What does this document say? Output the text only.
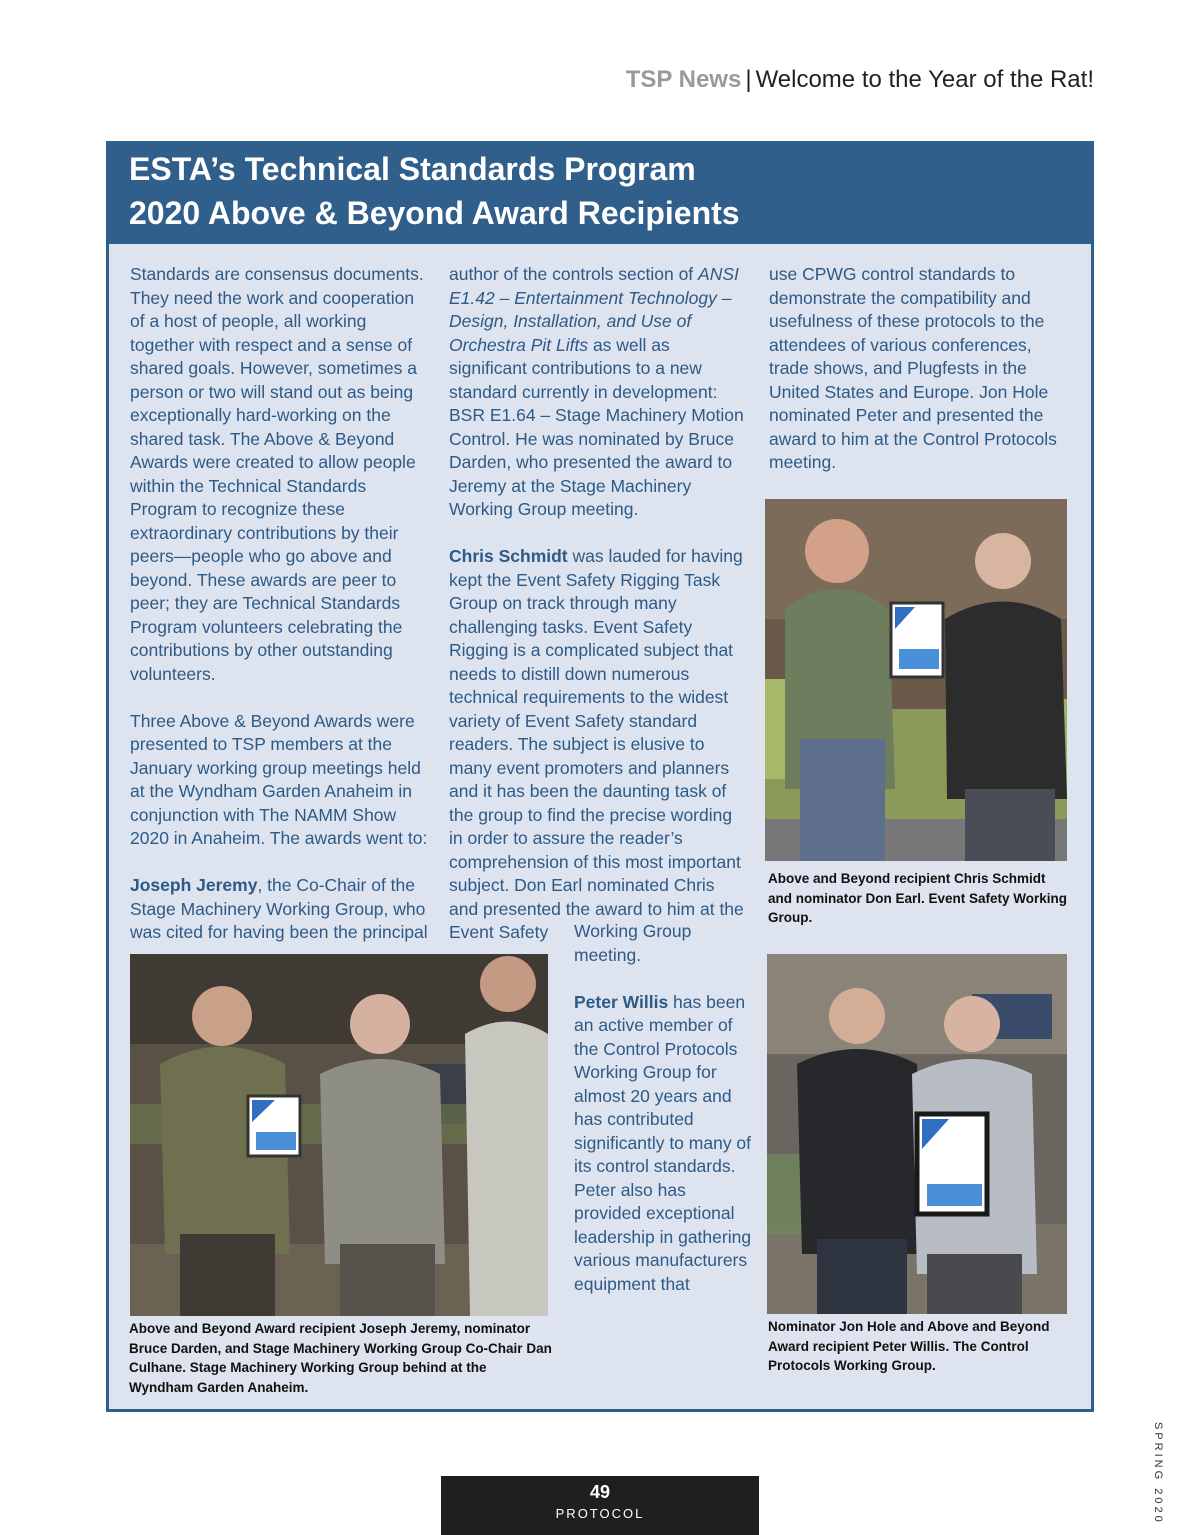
TSP News | Welcome to the Year of the Rat!
ESTA’s Technical Standards Program
2020 Above & Beyond Award Recipients

Standards are consensus documents. They need the work and cooperation of a host of people, all working together with respect and a sense of shared goals. However, sometimes a person or two will stand out as being exceptionally hard-working on the shared task. The Above & Beyond Awards were created to allow people within the Technical Standards Program to recognize these extraordinary contributions by their peers—people who go above and beyond. These awards are peer to peer; they are Technical Standards Program volunteers celebrating the contributions by other outstanding volunteers.

Three Above & Beyond Awards were presented to TSP members at the January working group meetings held at the Wyndham Garden Anaheim in conjunction with The NAMM Show 2020 in Anaheim. The awards went to:

Joseph Jeremy, the Co-Chair of the Stage Machinery Working Group, who was cited for having been the principal

author of the controls section of ANSI E1.42 – Entertainment Technology – Design, Installation, and Use of Orchestra Pit Lifts as well as significant contributions to a new standard currently in development: BSR E1.64 – Stage Machinery Motion Control. He was nominated by Bruce Darden, who presented the award to Jeremy at the Stage Machinery Working Group meeting.

Chris Schmidt was lauded for having kept the Event Safety Rigging Task Group on track through many challenging tasks. Event Safety Rigging is a complicated subject that needs to distill down numerous technical requirements to the widest variety of Event Safety standard readers. The subject is elusive to many event promoters and planners and it has been the daunting task of the group to find the precise wording in order to assure the reader’s comprehension of this most important subject. Don Earl nominated Chris and presented the award to him at the Event Safety	Working Group meeting.

Peter Willis has been an active member of the Control Protocols Working Group for almost 20 years and has contributed significantly to many of its control standards. Peter also has provided exceptional leadership in gathering various manufacturers equipment that

use CPWG control standards to demonstrate the compatibility and usefulness of these protocols to the attendees of various conferences, trade shows, and Plugfests in the United States and Europe. Jon Hole nominated Peter and presented the award to him at the Control Protocols meeting.

Above and Beyond recipient Chris Schmidt and nominator Don Earl. Event Safety Working Group.
Above and Beyond Award recipient Joseph Jeremy, nominator Bruce Darden, and Stage Machinery Working Group Co-Chair Dan Culhane. Stage Machinery Working Group behind at the Wyndham Garden Anaheim.
Nominator Jon Hole and Above and Beyond Award recipient Peter Willis. The Control Protocols Working Group.
SPRING 2020
49
PROTOCOL
